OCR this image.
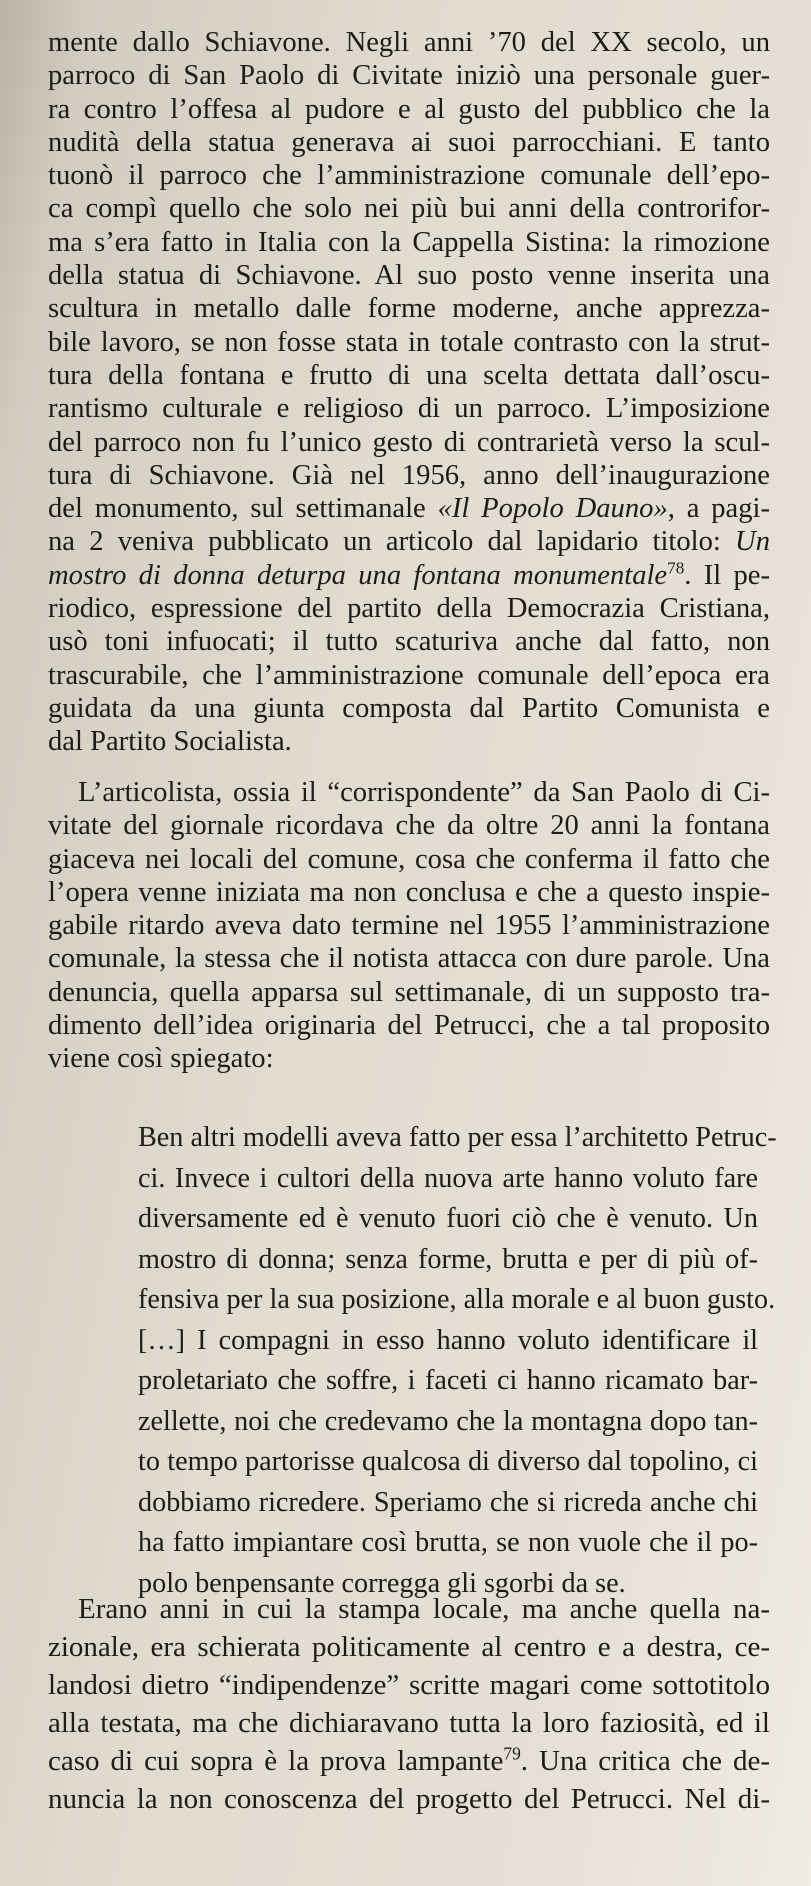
mente dallo Schiavone. Negli anni ’70 del XX secolo, un
parroco di San Paolo di Civitate iniziò una personale guer-
ra contro l’offesa al pudore e al gusto del pubblico che la
nudità della statua generava ai suoi parrocchiani. E tanto
tuonò il parroco che l’amministrazione comunale dell’epo-
ca compì quello che solo nei più bui anni della controrifor-
ma s’era fatto in Italia con la Cappella Sistina: la rimozione
della statua di Schiavone. Al suo posto venne inserita una
scultura in metallo dalle forme moderne, anche apprezza-
bile lavoro, se non fosse stata in totale contrasto con la strut-
tura della fontana e frutto di una scelta dettata dall’oscu-
rantismo culturale e religioso di un parroco. L’imposizione
del parroco non fu l’unico gesto di contrarietà verso la scul-
tura di Schiavone. Già nel 1956, anno dell’inaugurazione
del monumento, sul settimanale «Il Popolo Dauno», a pagi-
na 2 veniva pubblicato un articolo dal lapidario titolo: Un
mostro di donna deturpa una fontana monumentale$^{78}$. Il pe-
riodico, espressione del partito della Democrazia Cristiana,
usò toni infuocati; il tutto scaturiva anche dal fatto, non
trascurabile, che l’amministrazione comunale dell’epoca era
guidata da una giunta composta dal Partito Comunista e
dal Partito Socialista.
L’articolista, ossia il “corrispondente” da San Paolo di Ci-
vitate del giornale ricordava che da oltre 20 anni la fontana
giaceva nei locali del comune, cosa che conferma il fatto che
l’opera venne iniziata ma non conclusa e che a questo inspie-
gabile ritardo aveva dato termine nel 1955 l’amministrazione
comunale, la stessa che il notista attacca con dure parole. Una
denuncia, quella apparsa sul settimanale, di un supposto tra-
dimento dell’idea originaria del Petrucci, che a tal proposito
viene così spiegato:
Ben altri modelli aveva fatto per essa l’architetto Petruc-
ci. Invece i cultori della nuova arte hanno voluto fare
diversamente ed è venuto fuori ciò che è venuto. Un
mostro di donna; senza forme, brutta e per di più of-
fensiva per la sua posizione, alla morale e al buon gusto.
[…] I compagni in esso hanno voluto identificare il
proletariato che soffre, i faceti ci hanno ricamato bar-
zellette, noi che credevamo che la montagna dopo tan-
to tempo partorisse qualcosa di diverso dal topolino, ci
dobbiamo ricredere. Speriamo che si ricreda anche chi
ha fatto impiantare così brutta, se non vuole che il po-
polo benpensante corregga gli sgorbi da se.
Erano anni in cui la stampa locale, ma anche quella na-
zionale, era schierata politicamente al centro e a destra, ce-
landosi dietro “indipendenze” scritte magari come sottotitolo
alla testata, ma che dichiaravano tutta la loro faziosità, ed il
caso di cui sopra è la prova lampante$^{79}$. Una critica che de-
nuncia la non conoscenza del progetto del Petrucci. Nel di-
